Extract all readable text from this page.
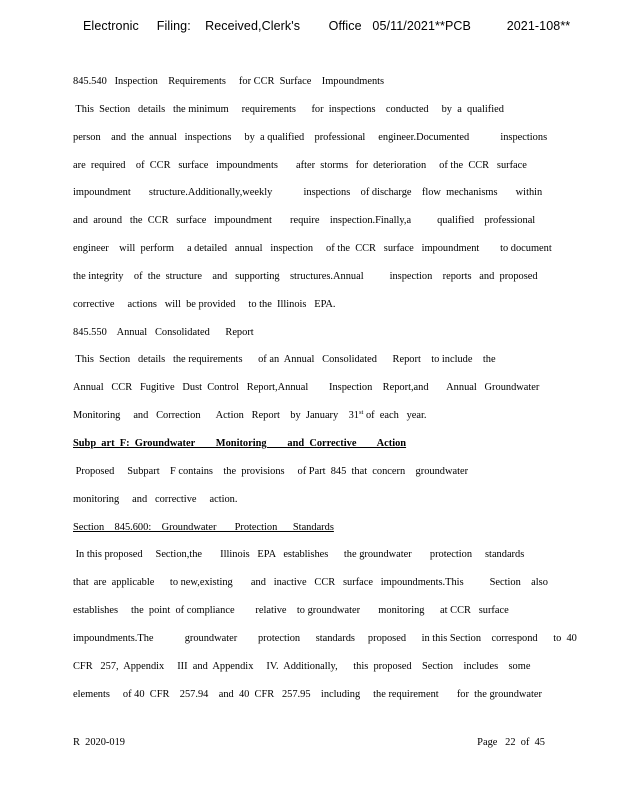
Electronic     Filing:    Received,Clerk's        Office   05/11/2021**PCB          2021-108**
845.540   Inspection    Requirements     for CCR  Surface    Impoundments
This  Section   details   the minimum     requirements      for  inspections    conducted     by  a  qualified
person    and  the  annual   inspections     by  a qualified    professional     engineer.Documented            inspections
are  required    of  CCR   surface   impoundments       after  storms   for  deterioration     of the  CCR   surface
impoundment       structure.Additionally,weekly            inspections    of discharge    flow  mechanisms       within
and  around   the  CCR   surface   impoundment       require    inspection.Finally,a          qualified    professional
engineer    will  perform     a detailed   annual   inspection     of the  CCR   surface   impoundment        to document
the integrity    of  the  structure    and   supporting    structures.Annual          inspection    reports   and  proposed
corrective     actions   will  be provided     to the  Illinois   EPA.
845.550    Annual   Consolidated      Report
This  Section   details   the requirements      of an  Annual   Consolidated      Report    to include    the
Annual   CCR   Fugitive   Dust  Control   Report,Annual        Inspection    Report,and       Annual   Groundwater
Monitoring     and   Correction      Action   Report    by  January    31st of  each   year.
Subp  art  F:  Groundwater        Monitoring        and  Corrective        Action
Proposed     Subpart    F contains    the  provisions     of Part  845  that  concern    groundwater
monitoring     and   corrective     action.
Section    845.600:    Groundwater       Protection      Standards
In this proposed     Section,the       Illinois   EPA   establishes      the groundwater       protection     standards
that  are  applicable      to new,existing       and   inactive   CCR   surface   impoundments.This          Section    also
establishes     the  point  of compliance        relative    to groundwater       monitoring      at CCR   surface
impoundments.The            groundwater        protection      standards     proposed      in this Section    correspond      to  40
CFR   257,  Appendix     III  and  Appendix     IV.  Additionally,      this  proposed    Section    includes    some
elements     of 40  CFR    257.94    and  40  CFR   257.95    including     the requirement       for  the groundwater
R  2020-019	Page   22  of  45
